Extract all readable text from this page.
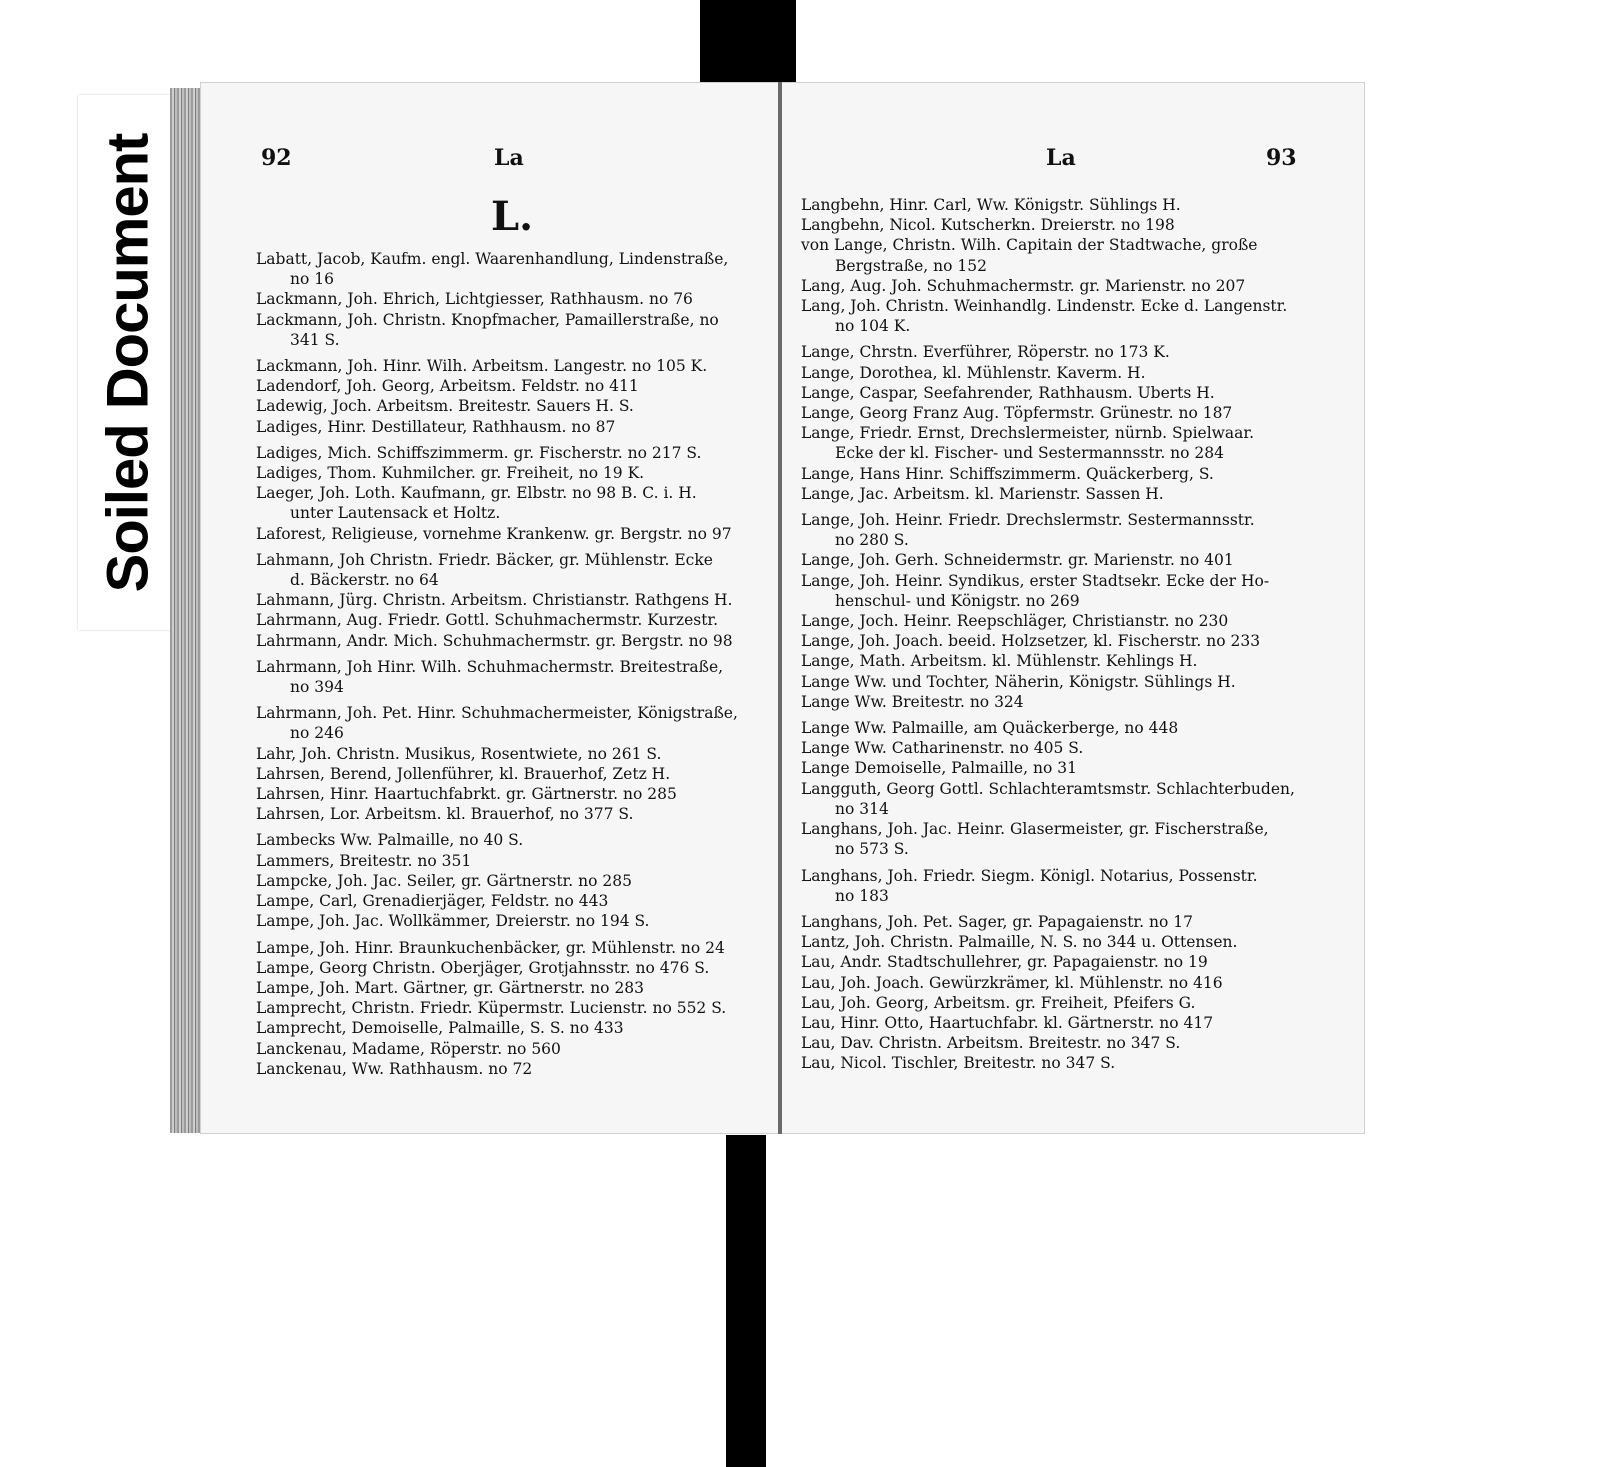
Soiled Document	92	La
L.
Labatt, Jacob, Kaufm. engl. Waarenhandlung, Lindenstraße,
no 16
Lackmann, Joh. Ehrich, Lichtgiesser, Rathhausm. no 76
Lackmann, Joh. Christn. Knopfmacher, Pamaillerstraße, no
341 S.
Lackmann, Joh. Hinr. Wilh. Arbeitsm. Langestr. no 105 K.
Ladendorf, Joh. Georg, Arbeitsm. Feldstr. no 411
Ladewig, Joch. Arbeitsm. Breitestr. Sauers H. S.
Ladiges, Hinr. Destillateur, Rathhausm. no 87
Ladiges, Mich. Schiffszimmerm. gr. Fischerstr. no 217 S.
Ladiges, Thom. Kuhmilcher. gr. Freiheit, no 19 K.
Laeger, Joh. Loth. Kaufmann, gr. Elbstr. no 98 B. C. i. H.
unter Lautensack et Holtz.
Laforest, Religieuse, vornehme Krankenw. gr. Bergstr. no 97
Lahmann, Joh Christn. Friedr. Bäcker, gr. Mühlenstr. Ecke
d. Bäckerstr. no 64
Lahmann, Jürg. Christn. Arbeitsm. Christianstr. Rathgens H.
Lahrmann, Aug. Friedr. Gottl. Schuhmachermstr. Kurzestr.
Lahrmann, Andr. Mich. Schuhmachermstr. gr. Bergstr. no 98
Lahrmann, Joh Hinr. Wilh. Schuhmachermstr. Breitestraße,
no 394
Lahrmann, Joh. Pet. Hinr. Schuhmachermeister, Königstraße,
no 246
Lahr, Joh. Christn. Musikus, Rosentwiete, no 261 S.
Lahrsen, Berend, Jollenführer, kl. Brauerhof, Zetz H.
Lahrsen, Hinr. Haartuchfabrkt. gr. Gärtnerstr. no 285
Lahrsen, Lor. Arbeitsm. kl. Brauerhof, no 377 S.
Lambecks Ww. Palmaille, no 40 S.
Lammers, Breitestr. no 351
Lampcke, Joh. Jac. Seiler, gr. Gärtnerstr. no 285
Lampe, Carl, Grenadierjäger, Feldstr. no 443
Lampe, Joh. Jac. Wollkämmer, Dreierstr. no 194 S.
Lampe, Joh. Hinr. Braunkuchenbäcker, gr. Mühlenstr. no 24
Lampe, Georg Christn. Oberjäger, Grotjahnsstr. no 476 S.
Lampe, Joh. Mart. Gärtner, gr. Gärtnerstr. no 283
Lamprecht, Christn. Friedr. Küpermstr. Lucienstr. no 552 S.
Lamprecht, Demoiselle, Palmaille, S. S. no 433
Lanckenau, Madame, Röperstr. no 560
Lanckenau, Ww. Rathhausm. no 72
La	93
Langbehn, Hinr. Carl, Ww. Königstr. Sühlings H.
Langbehn, Nicol. Kutscherkn. Dreierstr. no 198
von Lange, Christn. Wilh. Capitain der Stadtwache, große
Bergstraße, no 152
Lang, Aug. Joh. Schuhmachermstr. gr. Marienstr. no 207
Lang, Joh. Christn. Weinhandlg. Lindenstr. Ecke d. Langenstr.
no 104 K.
Lange, Chrstn. Everführer, Röperstr. no 173 K.
Lange, Dorothea, kl. Mühlenstr. Kaverm. H.
Lange, Caspar, Seefahrender, Rathhausm. Uberts H.
Lange, Georg Franz Aug. Töpfermstr. Grünestr. no 187
Lange, Friedr. Ernst, Drechslermeister, nürnb. Spielwaar.
Ecke der kl. Fischer- und Sestermannsstr. no 284
Lange, Hans Hinr. Schiffszimmerm. Quäckerberg, S.
Lange, Jac. Arbeitsm. kl. Marienstr. Sassen H.
Lange, Joh. Heinr. Friedr. Drechslermstr. Sestermannsstr.
no 280 S.
Lange, Joh. Gerh. Schneidermstr. gr. Marienstr. no 401
Lange, Joh. Heinr. Syndikus, erster Stadtsekr. Ecke der Ho-
henschul- und Königstr. no 269
Lange, Joch. Heinr. Reepschläger, Christianstr. no 230
Lange, Joh. Joach. beeid. Holzsetzer, kl. Fischerstr. no 233
Lange, Math. Arbeitsm. kl. Mühlenstr. Kehlings H.
Lange Ww. und Tochter, Näherin, Königstr. Sühlings H.
Lange Ww. Breitestr. no 324
Lange Ww. Palmaille, am Quäckerberge, no 448
Lange Ww. Catharinenstr. no 405 S.
Lange Demoiselle, Palmaille, no 31
Langguth, Georg Gottl. Schlachteramtsmstr. Schlachterbuden,
no 314
Langhans, Joh. Jac. Heinr. Glasermeister, gr. Fischerstraße,
no 573 S.
Langhans, Joh. Friedr. Siegm. Königl. Notarius, Possenstr.
no 183
Langhans, Joh. Pet. Sager, gr. Papagaienstr. no 17
Lantz, Joh. Christn. Palmaille, N. S. no 344 u. Ottensen.
Lau, Andr. Stadtschullehrer, gr. Papagaienstr. no 19
Lau, Joh. Joach. Gewürzkrämer, kl. Mühlenstr. no 416
Lau, Joh. Georg, Arbeitsm. gr. Freiheit, Pfeifers G.
Lau, Hinr. Otto, Haartuchfabr. kl. Gärtnerstr. no 417
Lau, Dav. Christn. Arbeitsm. Breitestr. no 347 S.
Lau, Nicol. Tischler, Breitestr. no 347 S.
